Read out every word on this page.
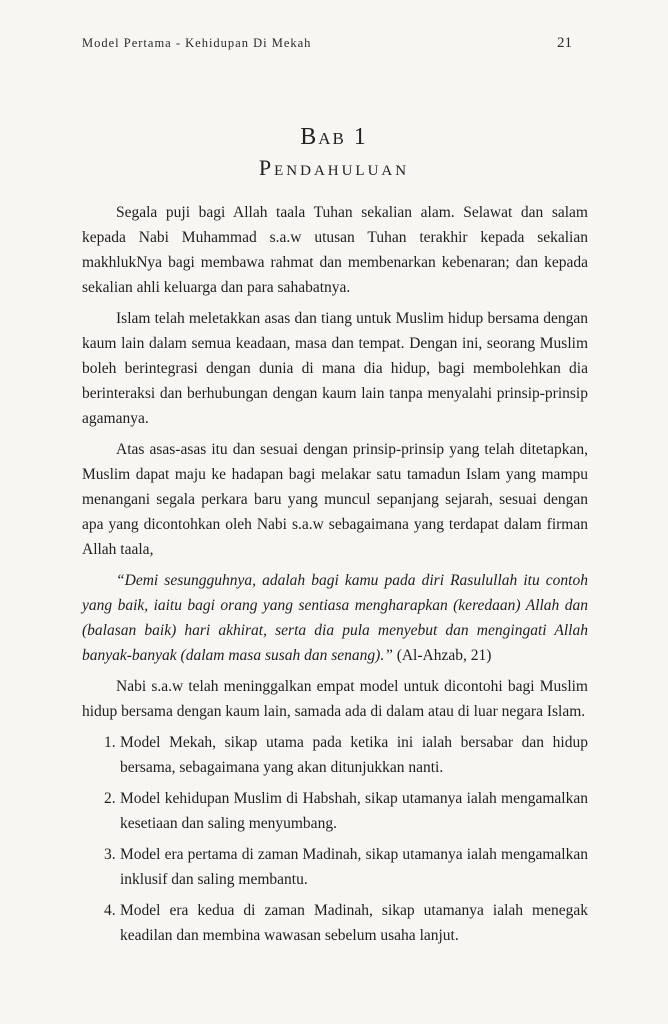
Model Pertama - Kehidupan Di Mekah	21
Bab 1
Pendahuluan

Segala puji bagi Allah taala Tuhan sekalian alam. Selawat dan salam kepada Nabi Muhammad s.a.w utusan Tuhan terakhir kepada sekalian makhlukNya bagi membawa rahmat dan membenarkan kebenaran; dan kepada sekalian ahli keluarga dan para sahabatnya.

Islam telah meletakkan asas dan tiang untuk Muslim hidup bersama dengan kaum lain dalam semua keadaan, masa dan tempat. Dengan ini, seorang Muslim boleh berintegrasi dengan dunia di mana dia hidup, bagi membolehkan dia berinteraksi dan berhubungan dengan kaum lain tanpa menyalahi prinsip-prinsip agamanya.

Atas asas-asas itu dan sesuai dengan prinsip-prinsip yang telah ditetapkan, Muslim dapat maju ke hadapan bagi melakar satu tamadun Islam yang mampu menangani segala perkara baru yang muncul sepanjang sejarah, sesuai dengan apa yang dicontohkan oleh Nabi s.a.w sebagaimana yang terdapat dalam firman Allah taala,

“Demi sesungguhnya, adalah bagi kamu pada diri Rasulullah itu contoh yang baik, iaitu bagi orang yang sentiasa mengharapkan (keredaan) Allah dan (balasan baik) hari akhirat, serta dia pula menyebut dan mengingati Allah banyak-banyak (dalam masa susah dan senang).” (Al-Ahzab, 21)

Nabi s.a.w telah meninggalkan empat model untuk dicontohi bagi Muslim hidup bersama dengan kaum lain, samada ada di dalam atau di luar negara Islam.

1. Model Mekah, sikap utama pada ketika ini ialah bersabar dan hidup bersama, sebagaimana yang akan ditunjukkan nanti.
2. Model kehidupan Muslim di Habshah, sikap utamanya ialah mengamalkan kesetiaan dan saling menyumbang.
3. Model era pertama di zaman Madinah, sikap utamanya ialah mengamalkan inklusif dan saling membantu.
4. Model era kedua di zaman Madinah, sikap utamanya ialah menegak keadilan dan membina wawasan sebelum usaha lanjut.
